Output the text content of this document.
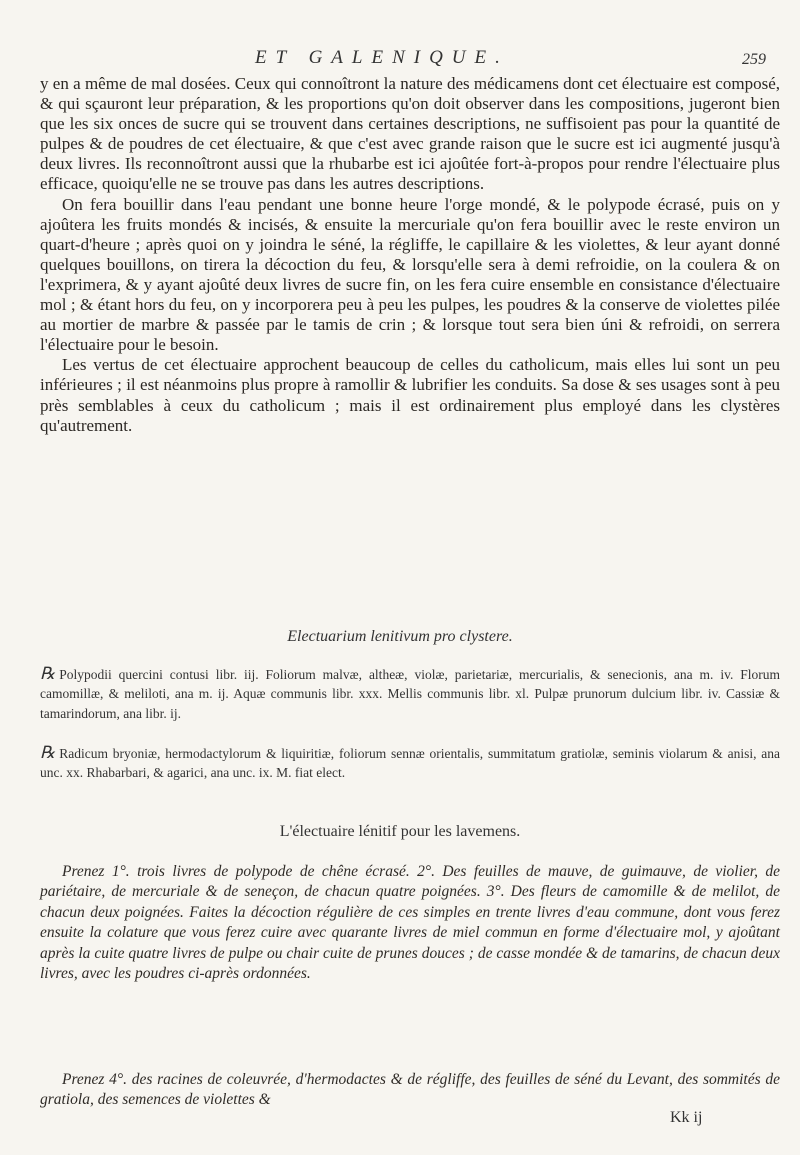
ET GALENIQUE.	259

y en a même de mal dosées. Ceux qui connoîtront la nature des médicamens dont cet électuaire est composé, & qui sçauront leur préparation, & les proportions qu'on doit observer dans les compositions, jugeront bien que les six onces de sucre qui se trouvent dans certaines descriptions, ne suffisoient pas pour la quantité de pulpes & de poudres de cet électuaire, & que c'est avec grande raison que le sucre est ici augmenté jusqu'à deux livres. Ils reconnoîtront aussi que la rhubarbe est ici ajoûtée fort-à-propos pour rendre l'électuaire plus efficace, quoiqu'elle ne se trouve pas dans les autres descriptions.

On fera bouillir dans l'eau pendant une bonne heure l'orge mondé, & le polypode écrasé, puis on y ajoûtera les fruits mondés & incisés, & ensuite la mercuriale qu'on fera bouillir avec le reste environ un quart-d'heure ; après quoi on y joindra le séné, la régliffe, le capillaire & les violettes, & leur ayant donné quelques bouillons, on tirera la décoction du feu, & lorsqu'elle sera à demi refroidie, on la coulera & on l'exprimera, & y ayant ajoûté deux livres de sucre fin, on les fera cuire ensemble en consistance d'électuaire mol ; & étant hors du feu, on y incorporera peu à peu les pulpes, les poudres & la conserve de violettes pilée au mortier de marbre & passée par le tamis de crin ; & lorsque tout sera bien úni & refroidi, on serrera l'électuaire pour le besoin.

Les vertus de cet électuaire approchent beaucoup de celles du catholicum, mais elles lui sont un peu inférieures ; il est néanmoins plus propre à ramollir & lubrifier les conduits. Sa dose & ses usages sont à peu près semblables à ceux du catholicum ; mais il est ordinairement plus employé dans les clystères qu'autrement.

Electuarium lenitivum pro clystere.
℞ Polypodii quercini contusi libr. iij. Foliorum malvæ, altheæ, violæ, parietariæ, mercurialis, & senecionis, ana m. iv. Florum camomillæ, & meliloti, ana m. ij. Aquæ communis libr. xxx. Mellis communis libr. xl. Pulpæ prunorum dulcium libr. iv. Cassiæ & tamarindorum, ana libr. ij.
℞ Radicum bryoniæ, hermodactylorum & liquiritiæ, foliorum sennæ orientalis, summitatum gratiolæ, seminis violarum & anisi, ana unc. xx. Rhabarbari, & agarici, ana unc. ix. M. fiat elect.
L'électuaire lénitif pour les lavemens.
Prenez 1°. trois livres de polypode de chêne écrasé. 2°. Des feuilles de mauve, de guimauve, de violier, de pariétaire, de mercuriale & de seneçon, de chacun quatre poignées. 3°. Des fleurs de camomille & de melilot, de chacun deux poignées. Faites la décoction régulière de ces simples en trente livres d'eau commune, dont vous ferez ensuite la colature que vous ferez cuire avec quarante livres de miel commun en forme d'électuaire mol, y ajoûtant après la cuite quatre livres de pulpe ou chair cuite de prunes douces ; de casse mondée & de tamarins, de chacun deux livres, avec les poudres ci-après ordonnées.
Prenez 4°. des racines de coleuvrée, d'hermodactes & de régliffe, des feuilles de séné du Levant, des sommités de gratiola, des semences de violettes &
Kk ij
